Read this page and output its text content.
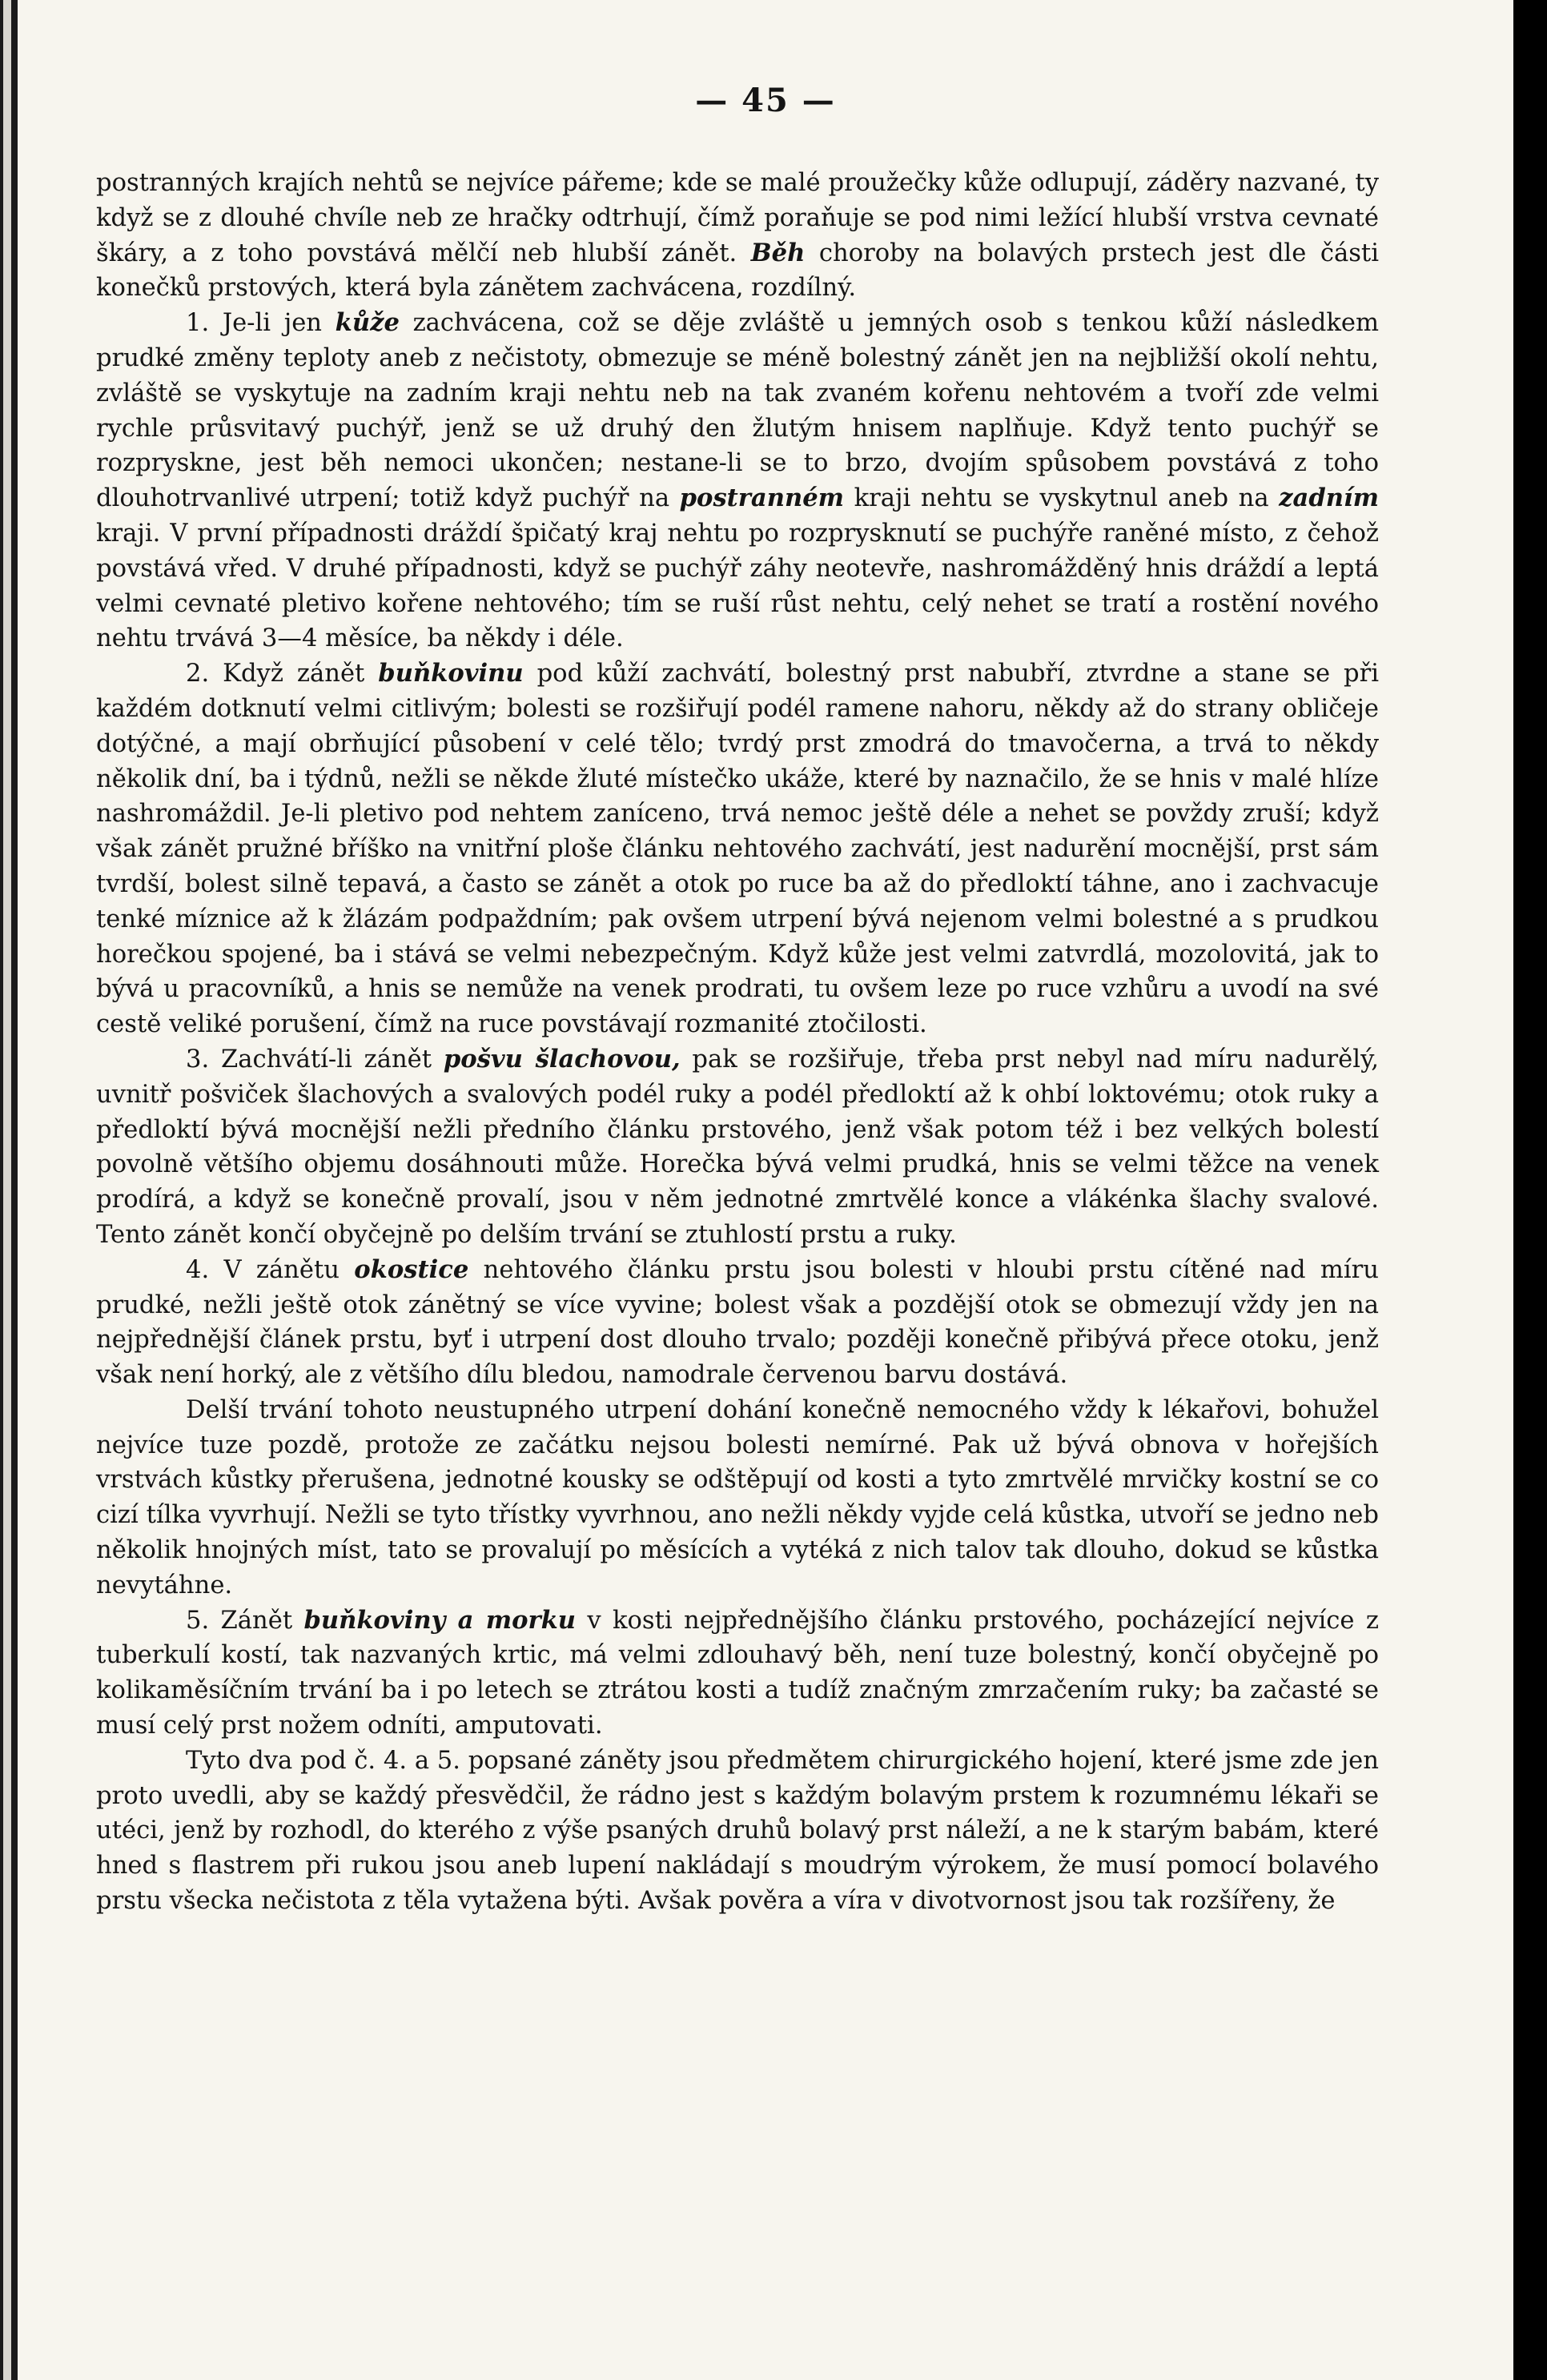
— 45 —

postranných krajích nehtů se nejvíce pářeme; kde se malé proužečky kůže odlupují, záděry nazvané, ty když se z dlouhé chvíle neb ze hračky odtrhují, čímž poraňuje se pod nimi ležící hlubší vrstva cevnaté škáry, a z toho povstává mělčí neb hlubší zánět. Běh choroby na bolavých prstech jest dle části konečků prstových, která byla zánětem zachvácena, rozdílný.

1. Je-li jen kůže zachvácena, což se děje zvláště u jemných osob s tenkou kůží následkem prudké změny teploty aneb z nečistoty, obmezuje se méně bolestný zánět jen na nejbližší okolí nehtu, zvláště se vyskytuje na zadním kraji nehtu neb na tak zvaném kořenu nehtovém a tvoří zde velmi rychle průsvitavý puchýř, jenž se už druhý den žlutým hnisem naplňuje. Když tento puchýř se rozpryskne, jest běh nemoci ukončen; nestane-li se to brzo, dvojím spůsobem povstává z toho dlouhotrvanlivé utrpení; totiž když puchýř na postranném kraji nehtu se vyskytnul aneb na zadním kraji. V první případnosti dráždí špičatý kraj nehtu po rozprysknutí se puchýře raněné místo, z čehož povstává vřed. V druhé případnosti, když se puchýř záhy neotevře, nashromážděný hnis dráždí a leptá velmi cevnaté pletivo kořene nehtového; tím se ruší růst nehtu, celý nehet se tratí a rostění nového nehtu trvává 3—4 měsíce, ba někdy i déle.

2. Když zánět buňkovinu pod kůží zachvátí, bolestný prst nabubří, ztvrdne a stane se při každém dotknutí velmi citlivým; bolesti se rozšiřují podél ramene nahoru, někdy až do strany obličeje dotýčné, a mají obrňující působení v celé tělo; tvrdý prst zmodrá do tmavočerna, a trvá to někdy několik dní, ba i týdnů, nežli se někde žluté místečko ukáže, které by naznačilo, že se hnis v malé hlíze nashromáždil. Je-li pletivo pod nehtem zaníceno, trvá nemoc ještě déle a nehet se povždy zruší; když však zánět pružné bříško na vnitřní ploše článku nehtového zachvátí, jest nadurění mocnější, prst sám tvrdší, bolest silně tepavá, a často se zánět a otok po ruce ba až do předloktí táhne, ano i zachvacuje tenké míznice až k žlázám podpaždním; pak ovšem utrpení bývá nejenom velmi bolestné a s prudkou horečkou spojené, ba i stává se velmi nebezpečným. Když kůže jest velmi zatvrdlá, mozolovitá, jak to bývá u pracovníků, a hnis se nemůže na venek prodrati, tu ovšem leze po ruce vzhůru a uvodí na své cestě veliké porušení, čímž na ruce povstávají rozmanité ztočilosti.

3. Zachvátí-li zánět pošvu šlachovou, pak se rozšiřuje, třeba prst nebyl nad míru nadurělý, uvnitř pošviček šlachových a svalových podél ruky a podél předloktí až k ohbí loktovému; otok ruky a předloktí bývá mocnější nežli předního článku prstového, jenž však potom též i bez velkých bolestí povolně většího objemu dosáhnouti může. Horečka bývá velmi prudká, hnis se velmi těžce na venek prodírá, a když se konečně provalí, jsou v něm jednotné zmrtvělé konce a vlákénka šlachy svalové. Tento zánět končí obyčejně po delším trvání se ztuhlostí prstu a ruky.

4. V zánětu okostice nehtového článku prstu jsou bolesti v hloubi prstu cítěné nad míru prudké, nežli ještě otok zánětný se více vyvine; bolest však a pozdější otok se obmezují vždy jen na nejpřednější článek prstu, byť i utrpení dost dlouho trvalo; později konečně přibývá přece otoku, jenž však není horký, ale z většího dílu bledou, namodrale červenou barvu dostává.

Delší trvání tohoto neustupného utrpení dohání konečně nemocného vždy k lékařovi, bohužel nejvíce tuze pozdě, protože ze začátku nejsou bolesti nemírné. Pak už bývá obnova v hořejších vrstvách kůstky přerušena, jednotné kousky se odštěpují od kosti a tyto zmrtvělé mrvičky kostní se co cizí tílka vyvrhují. Nežli se tyto třístky vyvrhnou, ano nežli někdy vyjde celá kůstka, utvoří se jedno neb několik hnojných míst, tato se provalují po měsících a vytéká z nich talov tak dlouho, dokud se kůstka nevytáhne.

5. Zánět buňkoviny a morku v kosti nejpřednějšího článku prstového, pocházející nejvíce z tuberkulí kostí, tak nazvaných krtic, má velmi zdlouhavý běh, není tuze bolestný, končí obyčejně po kolikaměsíčním trvání ba i po letech se ztrátou kosti a tudíž značným zmrzačením ruky; ba začasté se musí celý prst nožem odníti, amputovati.

Tyto dva pod č. 4. a 5. popsané záněty jsou předmětem chirurgického hojení, které jsme zde jen proto uvedli, aby se každý přesvědčil, že rádno jest s každým bolavým prstem k rozumnému lékaři se utéci, jenž by rozhodl, do kterého z výše psaných druhů bolavý prst náleží, a ne k starým babám, které hned s flastrem při rukou jsou aneb lupení nakládají s moudrým výrokem, že musí pomocí bolavého prstu všecka nečistota z těla vytažena býti. Avšak pověra a víra v divotvornost jsou tak rozšířeny, že
